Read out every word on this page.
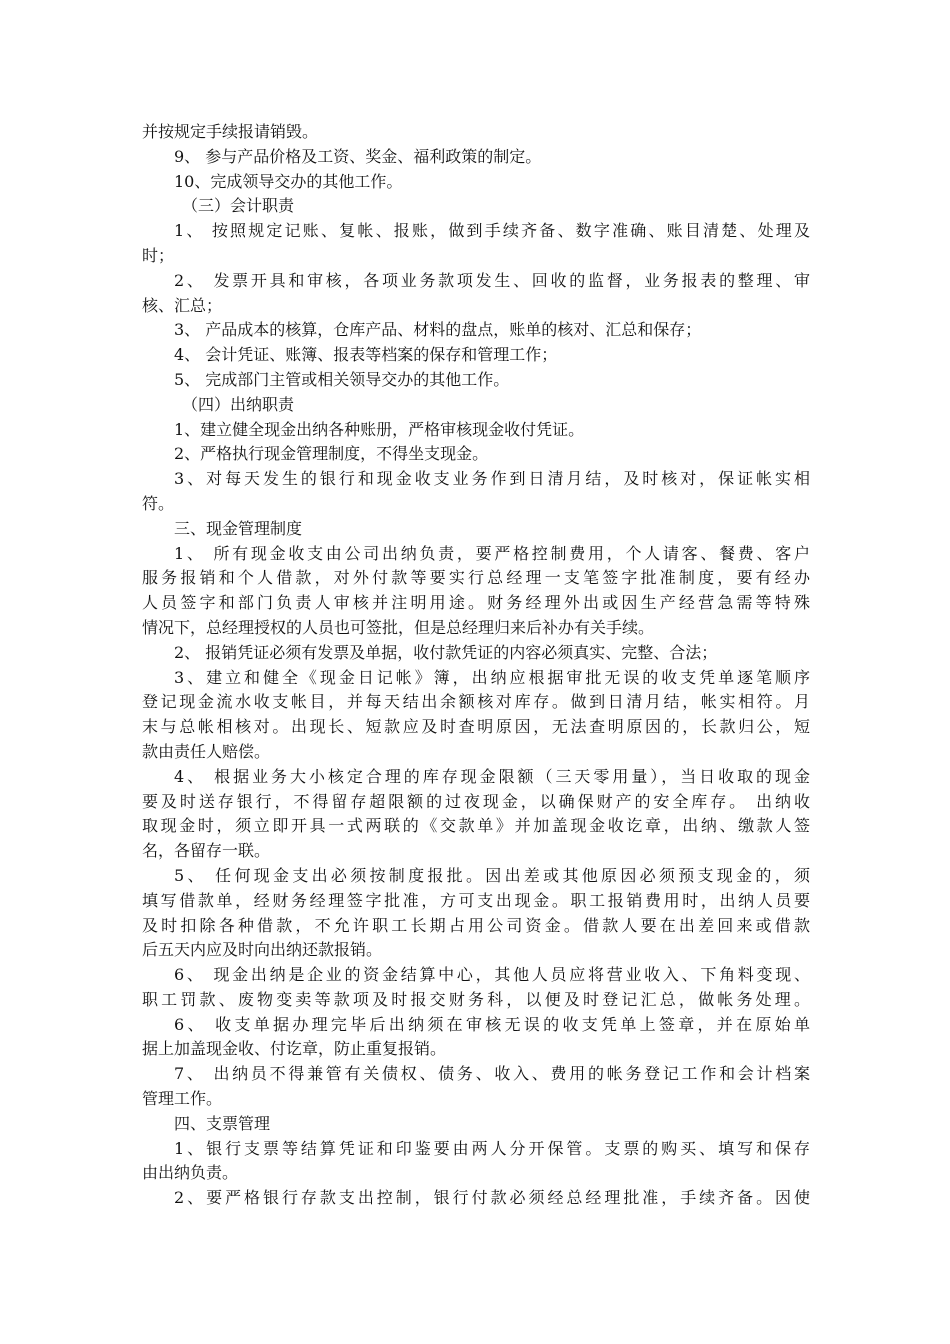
并按规定手续报请销毁。
9、 参与产品价格及工资、奖金、福利政策的制定。
10、完成领导交办的其他工作。
（三）会计职责
1、 按照规定记账、复帐、报账，做到手续齐备、数字准确、账目清楚、处理及
时；
2、 发票开具和审核，各项业务款项发生、回收的监督，业务报表的整理、审
核、汇总；
3、 产品成本的核算，仓库产品、材料的盘点，账单的核对、汇总和保存；
4、 会计凭证、账簿、报表等档案的保存和管理工作；
5、 完成部门主管或相关领导交办的其他工作。
（四）出纳职责
1、建立健全现金出纳各种账册，严格审核现金收付凭证。
2、严格执行现金管理制度，不得坐支现金。
3、对每天发生的银行和现金收支业务作到日清月结，及时核对，保证帐实相
符。
三、现金管理制度
1、 所有现金收支由公司出纳负责，要严格控制费用，个人请客、餐费、客户
服务报销和个人借款，对外付款等要实行总经理一支笔签字批准制度，要有经办
人员签字和部门负责人审核并注明用途。财务经理外出或因生产经营急需等特殊
情况下，总经理授权的人员也可签批，但是总经理归来后补办有关手续。
2、 报销凭证必须有发票及单据，收付款凭证的内容必须真实、完整、合法；
3、建立和健全《现金日记帐》簿，出纳应根据审批无误的收支凭单逐笔顺序
登记现金流水收支帐目，并每天结出余额核对库存。做到日清月结，帐实相符。月
末与总帐相核对。出现长、短款应及时查明原因，无法查明原因的，长款归公，短
款由责任人赔偿。
4、 根据业务大小核定合理的库存现金限额（三天零用量），当日收取的现金
要及时送存银行，不得留存超限额的过夜现金，以确保财产的安全库存。 出纳收
取现金时，须立即开具一式两联的《交款单》并加盖现金收讫章，出纳、缴款人签
名，各留存一联。
5、 任何现金支出必须按制度报批。因出差或其他原因必须预支现金的，须
填写借款单，经财务经理签字批准，方可支出现金。职工报销费用时，出纳人员要
及时扣除各种借款，不允许职工长期占用公司资金。借款人要在出差回来或借款
后五天内应及时向出纳还款报销。
6、 现金出纳是企业的资金结算中心，其他人员应将营业收入、下角料变现、
职工罚款、废物变卖等款项及时报交财务科，以便及时登记汇总，做帐务处理。
6、 收支单据办理完毕后出纳须在审核无误的收支凭单上签章，并在原始单
据上加盖现金收、付讫章，防止重复报销。
7、 出纳员不得兼管有关债权、债务、收入、费用的帐务登记工作和会计档案
管理工作。
四、支票管理
1、银行支票等结算凭证和印鉴要由两人分开保管。支票的购买、填写和保存
由出纳负责。
2、要严格银行存款支出控制，银行付款必须经总经理批准，手续齐备。因使
